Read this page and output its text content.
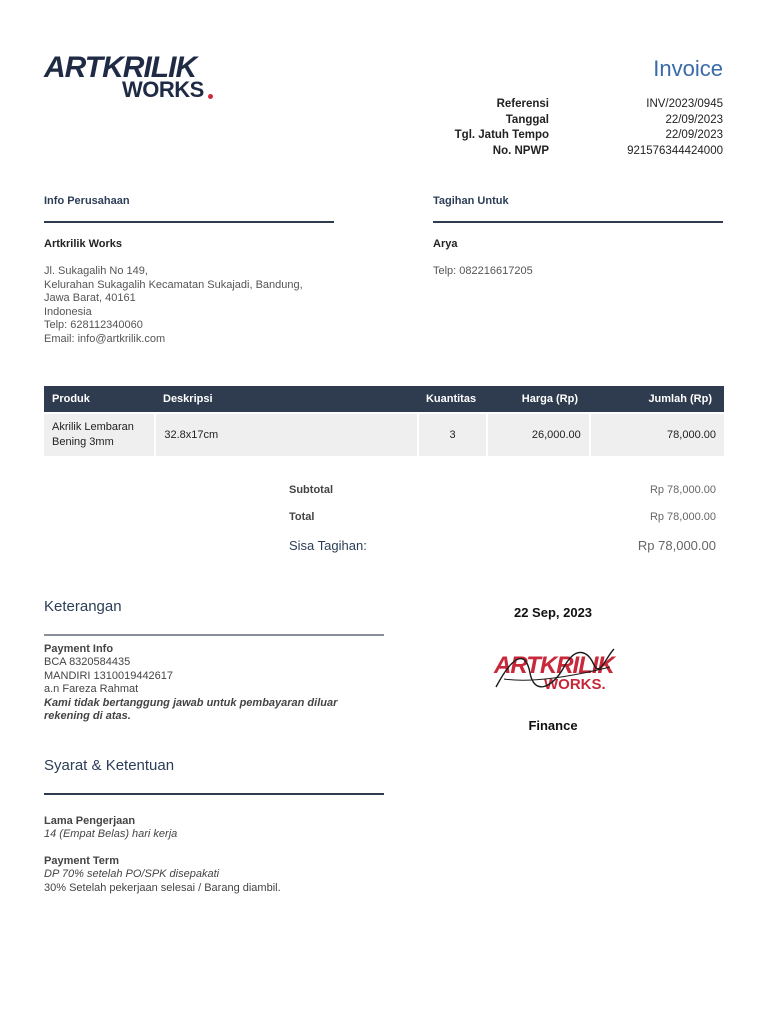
ARTKRILIK
WORKS
Invoice
Referensi	INV/2023/0945
Tanggal	22/09/2023
Tgl. Jatuh Tempo	22/09/2023
No. NPWP	921576344424000
Info Perusahaan
Artkrilik Works
Jl. Sukagalih No 149,
Kelurahan Sukagalih Kecamatan Sukajadi, Bandung,
Jawa Barat, 40161
Indonesia
Telp: 628112340060
Email: info@artkrilik.com
Tagihan Untuk
Arya
Telp: 082216617205
Produk	Deskripsi	Kuantitas	Harga (Rp)	Jumlah (Rp)
Akrilik Lembaran
Bening 3mm
32.8x17cm	3	26,000.00	78,000.00
Subtotal	Rp 78,000.00
Total	Rp 78,000.00
Sisa Tagihan:	Rp 78,000.00
Keterangan
Payment Info
BCA 8320584435
MANDIRI 1310019442617
a.n Fareza Rahmat
Kami tidak bertanggung jawab untuk pembayaran diluar
rekening di atas.
Syarat & Ketentuan
Lama Pengerjaan
14 (Empat Belas) hari kerja
Payment Term
DP 70% setelah PO/SPK disepakati
30% Setelah pekerjaan selesai / Barang diambil.
22 Sep, 2023
ARTKRILIK
WORKS.
Finance
